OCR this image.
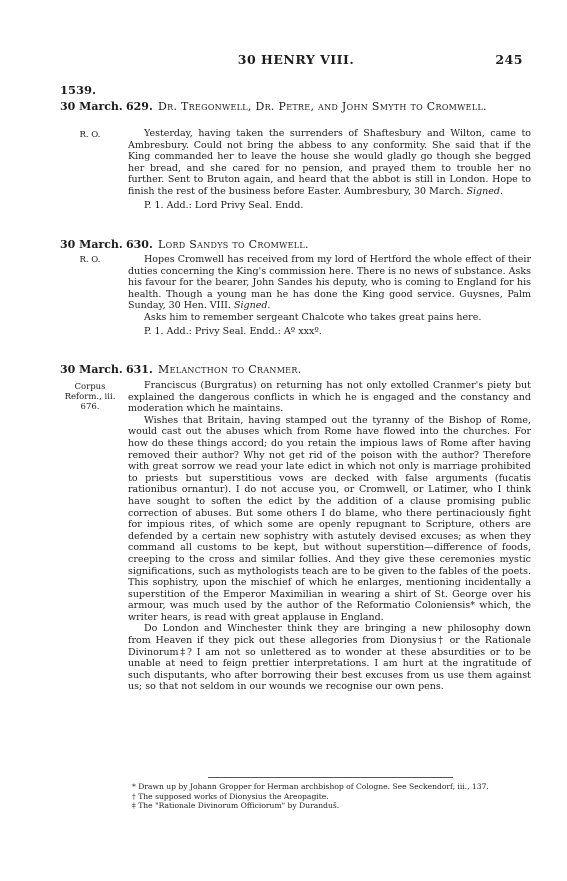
30 HENRY VIII.	245
1539.
30 March. 629. Dr. Tregonwell, Dr. Petre, and John Smyth to Cromwell.
R. O.	Yesterday, having taken the surrenders of Shaftesbury and Wilton, came to Ambresbury. Could not bring the abbess to any conformity. She said that if the King commanded her to leave the house she would gladly go though she begged her bread, and she cared for no pension, and prayed them to trouble her no further. Sent to Bruton again, and heard that the abbot is still in London. Hope to finish the rest of the business before Easter. Aumbresbury, 30 March. Signed.

P. 1. Add.: Lord Privy Seal. Endd.

30 March. 630. Lord Sandys to Cromwell.
R. O.	Hopes Cromwell has received from my lord of Hertford the whole effect of their duties concerning the King's commission here. There is no news of substance. Asks his favour for the bearer, John Sandes his deputy, who is coming to England for his health. Though a young man he has done the King good service. Guysnes, Palm Sunday, 30 Hen. VIII. Signed.

Asks him to remember sergeant Chalcote who takes great pains here.

P. 1. Add.: Privy Seal. Endd.: Aº xxxº.

30 March. 631. Melancthon to Cranmer.
Corpus Reform., iii. 676.

Franciscus (Burgratus) on returning has not only extolled Cranmer's piety but explained the dangerous conflicts in which he is engaged and the constancy and moderation which he maintains.

Wishes that Britain, having stamped out the tyranny of the Bishop of Rome, would cast out the abuses which from Rome have flowed into the churches. For how do these things accord; do you retain the impious laws of Rome after having removed their author? Why not get rid of the poison with the author? Therefore with great sorrow we read your late edict in which not only is marriage prohibited to priests but superstitious vows are decked with false arguments (fucatis rationibus ornantur). I do not accuse you, or Cromwell, or Latimer, who I think have sought to soften the edict by the addition of a clause promising public correction of abuses. But some others I do blame, who there pertinaciously fight for impious rites, of which some are openly repugnant to Scripture, others are defended by a certain new sophistry with astutely devised excuses; as when they command all customs to be kept, but without superstition—difference of foods, creeping to the cross and similar follies. And they give these ceremonies mystic significations, such as mythologists teach are to be given to the fables of the poets. This sophistry, upon the mischief of which he enlarges, mentioning incidentally a superstition of the Emperor Maximilian in wearing a shirt of St. George over his armour, was much used by the author of the Reformatio Coloniensis* which, the writer hears, is read with great applause in England.

Do London and Winchester think they are bringing a new philosophy down from Heaven if they pick out these allegories from Dionysius† or the Rationale Divinorum‡? I am not so unlettered as to wonder at these absurdities or to be unable at need to feign prettier interpretations. I am hurt at the ingratitude of such disputants, who after borrowing their best excuses from us use them against us; so that not seldom in our wounds we recognise our own pens.

* Drawn up by Johann Gropper for Herman archbishop of Cologne. See Seckendorf, iii., 137.
† The supposed works of Dionysius the Areopagite.
‡ The "Rationale Divinorum Officiorum" by Duranduš.
